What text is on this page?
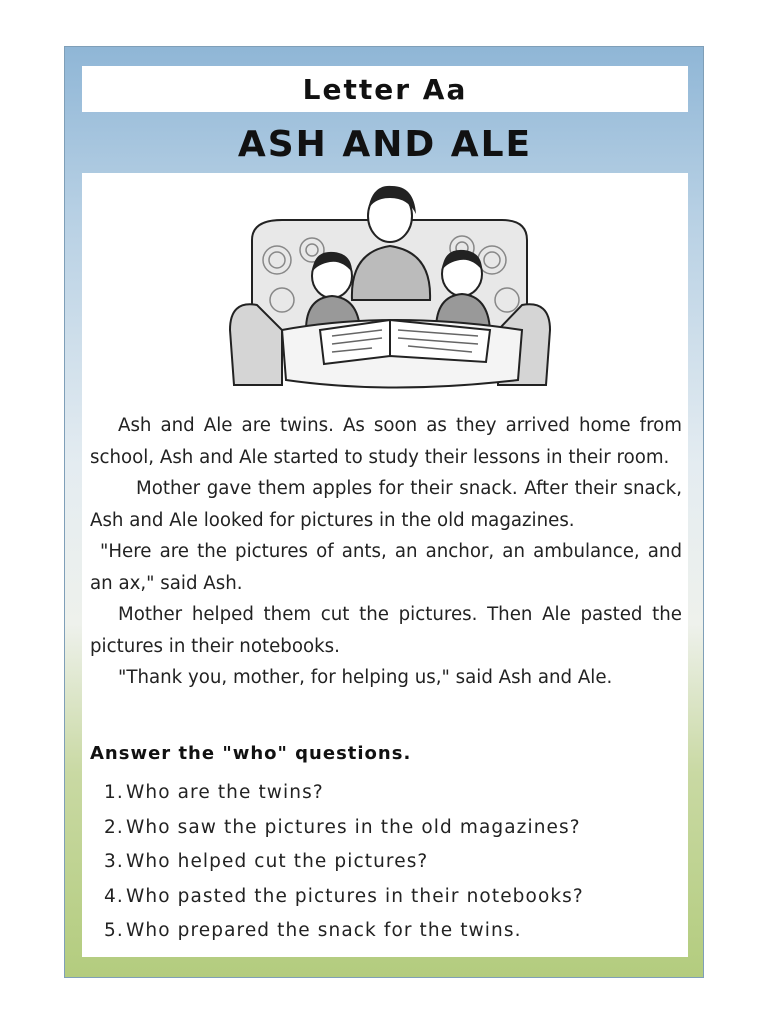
Letter Aa
ASH AND ALE

Ash and Ale are twins. As soon as they arrived home from school, Ash and Ale started to study their lessons in their room.

Mother gave them apples for their snack. After their snack, Ash and Ale looked for pictures in the old magazines.

"Here are the pictures of ants, an anchor, an ambulance, and an ax," said Ash.

Mother helped them cut the pictures. Then Ale pasted the pictures in their notebooks.

"Thank you, mother, for helping us," said Ash and Ale.

Answer the "who" questions.
1. Who are the twins?
2. Who saw the pictures in the old magazines?
3. Who helped cut the pictures?
4. Who pasted the pictures in their notebooks?
5. Who prepared the snack for the twins.
